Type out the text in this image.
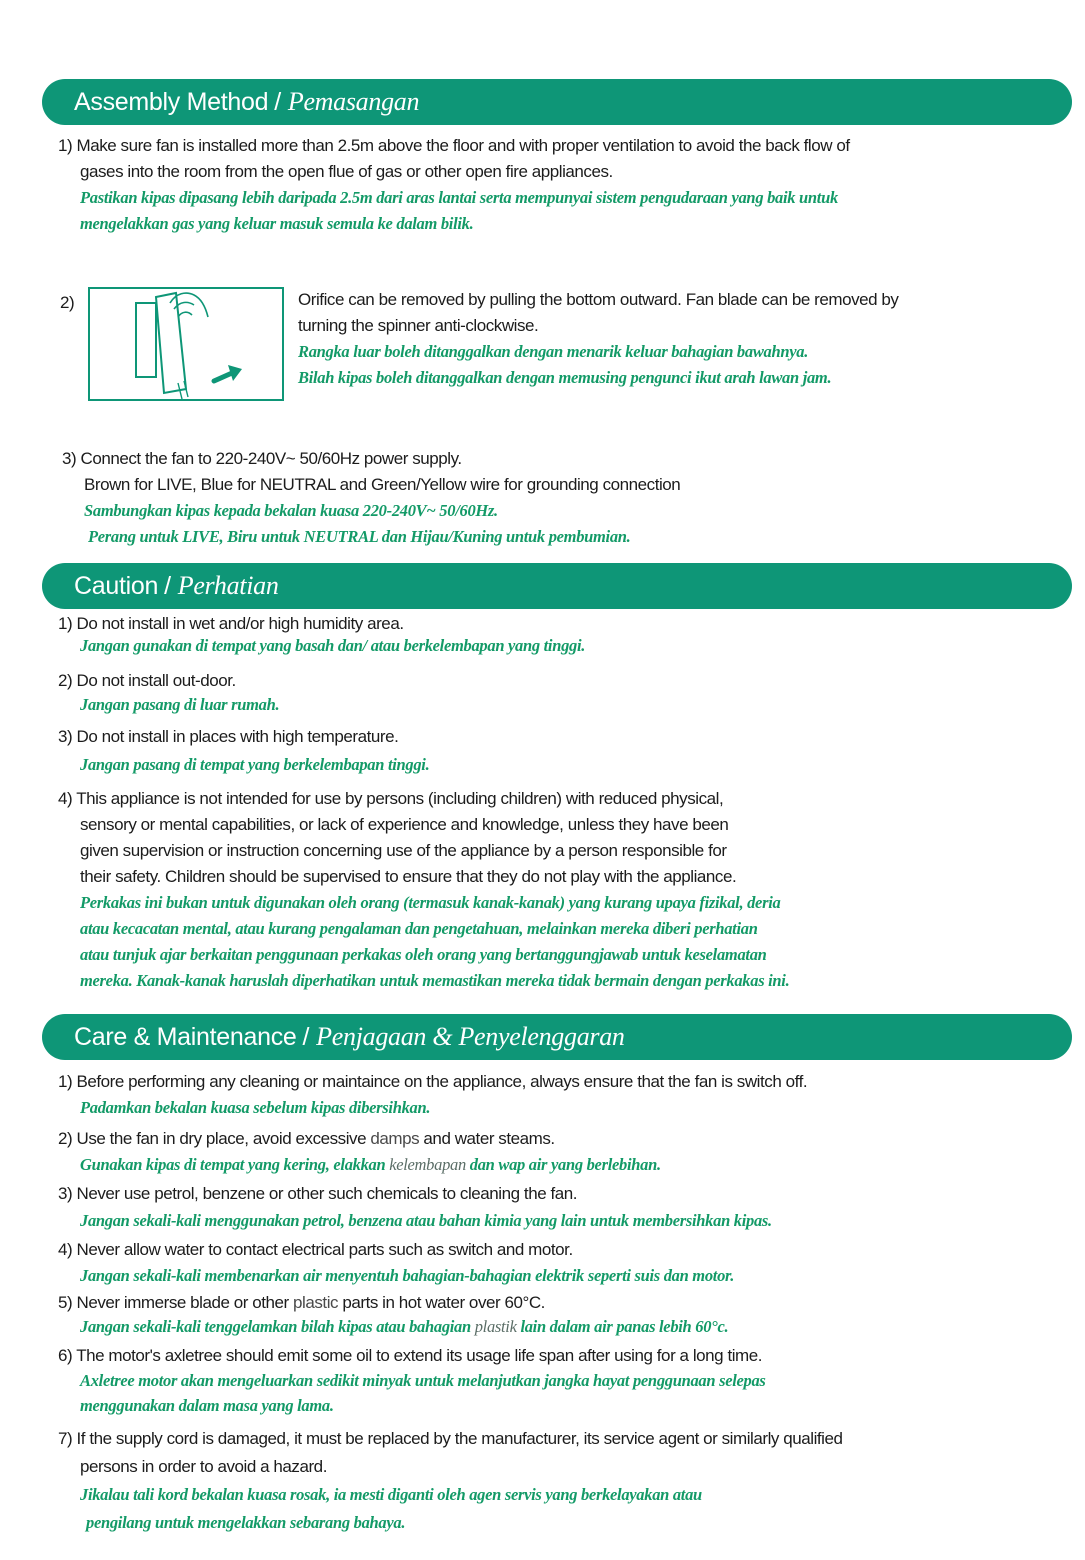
Assembly Method / Pemasangan
1) Make sure fan is installed more than 2.5m above the floor and with proper ventilation to avoid the back flow of
gases into the room from the open flue of gas or other open fire appliances.
Pastikan kipas dipasang lebih daripada 2.5m dari aras lantai serta mempunyai sistem pengudaraan yang baik untuk
mengelakkan gas yang keluar masuk semula ke dalam bilik.
2)	Orifice can be removed by pulling the bottom outward. Fan blade can be removed by
turning the spinner anti-clockwise.
Rangka luar boleh ditanggalkan dengan menarik keluar bahagian bawahnya.
Bilah kipas boleh ditanggalkan dengan memusing pengunci ikut arah lawan jam.
3) Connect the fan to 220-240V~ 50/60Hz power supply.
Brown for LIVE, Blue for NEUTRAL and Green/Yellow wire for grounding connection
Sambungkan kipas kepada bekalan kuasa 220-240V~ 50/60Hz.
Perang untuk LIVE, Biru untuk NEUTRAL dan Hijau/Kuning untuk pembumian.
Caution / Perhatian
1) Do not install in wet and/or high humidity area.
Jangan gunakan di tempat yang basah dan/ atau berkelembapan yang tinggi.
2) Do not install out-door.
Jangan pasang di luar rumah.
3) Do not install in places with high temperature.
Jangan pasang di tempat yang berkelembapan tinggi.
4) This appliance is not intended for use by persons (including children) with reduced physical,
sensory or mental capabilities, or lack of experience and knowledge, unless they have been
given supervision or instruction concerning use of the appliance by a person responsible for
their safety. Children should be supervised to ensure that they do not play with the appliance.
Perkakas ini bukan untuk digunakan oleh orang (termasuk kanak-kanak) yang kurang upaya fizikal, deria
atau kecacatan mental, atau kurang pengalaman dan pengetahuan, melainkan mereka diberi perhatian
atau tunjuk ajar berkaitan penggunaan perkakas oleh orang yang bertanggungjawab untuk keselamatan
mereka. Kanak-kanak haruslah diperhatikan untuk memastikan mereka tidak bermain dengan perkakas ini.
Care & Maintenance / Penjagaan & Penyelenggaran
1) Before performing any cleaning or maintaince on the appliance, always ensure that the fan is switch off.
Padamkan bekalan kuasa sebelum kipas dibersihkan.
2) Use the fan in dry place, avoid excessive damps and water steams.
Gunakan kipas di tempat yang kering, elakkan kelembapan dan wap air yang berlebihan.
3) Never use petrol, benzene or other such chemicals to cleaning the fan.
Jangan sekali-kali menggunakan petrol, benzena atau bahan kimia yang lain untuk membersihkan kipas.
4) Never allow water to contact electrical parts such as switch and motor.
Jangan sekali-kali membenarkan air menyentuh bahagian-bahagian elektrik seperti suis dan motor.
5) Never immerse blade or other plastic parts in hot water over 60°C.
Jangan sekali-kali tenggelamkan bilah kipas atau bahagian plastik lain dalam air panas lebih 60°c.
6) The motor's axletree should emit some oil to extend its usage life span after using for a long time.
Axletree motor akan mengeluarkan sedikit minyak untuk melanjutkan jangka hayat penggunaan selepas
menggunakan dalam masa yang lama.
7) If the supply cord is damaged, it must be replaced by the manufacturer, its service agent or similarly qualified
persons in order to avoid a hazard.
Jikalau tali kord bekalan kuasa rosak, ia mesti diganti oleh agen servis yang berkelayakan atau
pengilang untuk mengelakkan sebarang bahaya.
